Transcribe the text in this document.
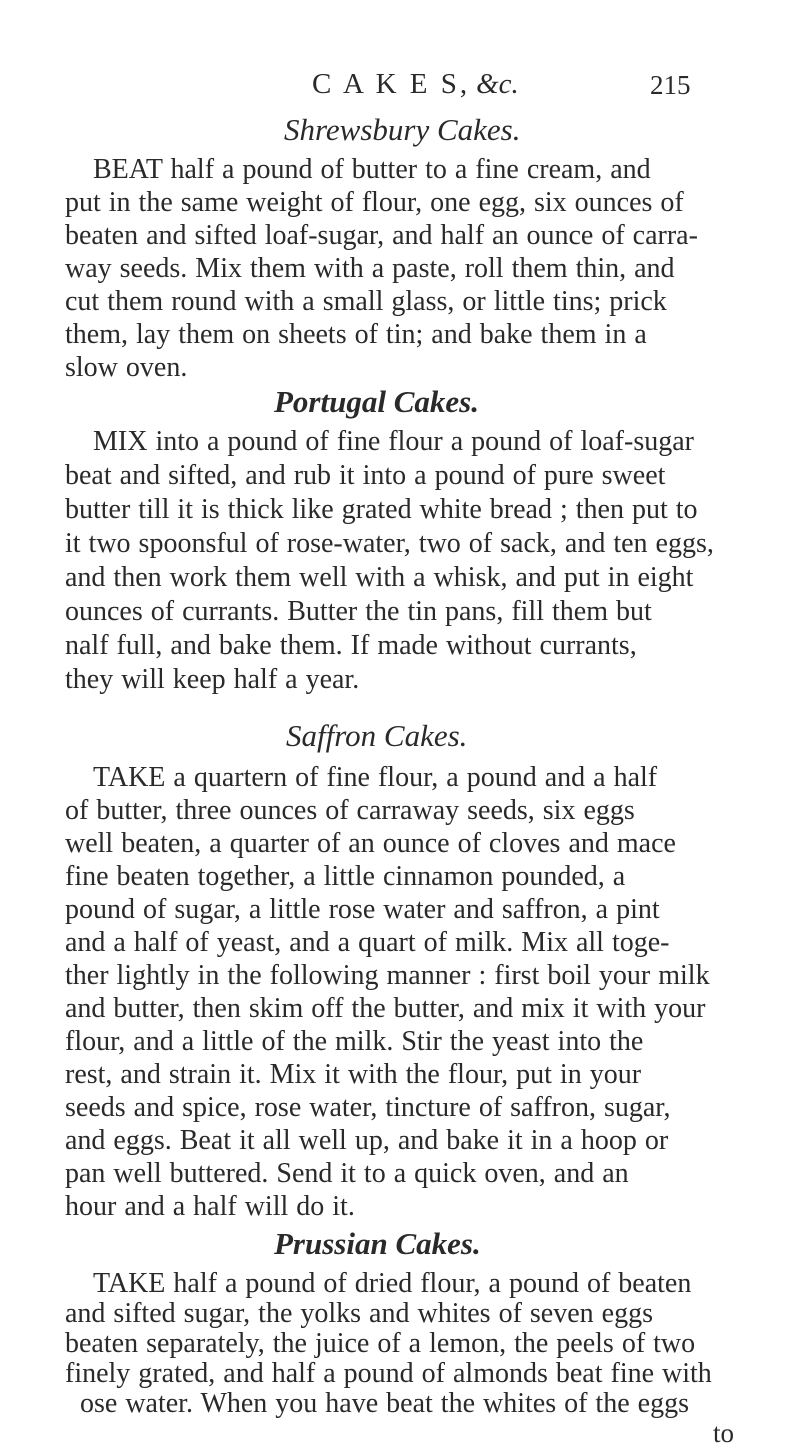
C A K E S, &c.	215
Shrewsbury Cakes.
BEAT half a pound of butter to a fine cream, and
put in the same weight of flour, one egg, six ounces of
beaten and sifted loaf-sugar, and half an ounce of carra-
way seeds. Mix them with a paste, roll them thin, and
cut them round with a small glass, or little tins; prick
them, lay them on sheets of tin; and bake them in a
slow oven.
Portugal Cakes.
MIX into a pound of fine flour a pound of loaf-sugar
beat and sifted, and rub it into a pound of pure sweet
butter till it is thick like grated white bread ; then put to
it two spoonsful of rose-water, two of sack, and ten eggs,
and then work them well with a whisk, and put in eight
ounces of currants. Butter the tin pans, fill them but
nalf full, and bake them. If made without currants,
they will keep half a year.
Saffron Cakes.
TAKE a quartern of fine flour, a pound and a half
of butter, three ounces of carraway seeds, six eggs
well beaten, a quarter of an ounce of cloves and mace
fine beaten together, a little cinnamon pounded, a
pound of sugar, a little rose water and saffron, a pint
and a half of yeast, and a quart of milk. Mix all toge-
ther lightly in the following manner : first boil your milk
and butter, then skim off the butter, and mix it with your
flour, and a little of the milk. Stir the yeast into the
rest, and strain it. Mix it with the flour, put in your
seeds and spice, rose water, tincture of saffron, sugar,
and eggs. Beat it all well up, and bake it in a hoop or
pan well buttered. Send it to a quick oven, and an
hour and a half will do it.
Prussian Cakes.
TAKE half a pound of dried flour, a pound of beaten
and sifted sugar, the yolks and whites of seven eggs
beaten separately, the juice of a lemon, the peels of two
finely grated, and half a pound of almonds beat fine with
ose water. When you have beat the whites of the eggs
to
